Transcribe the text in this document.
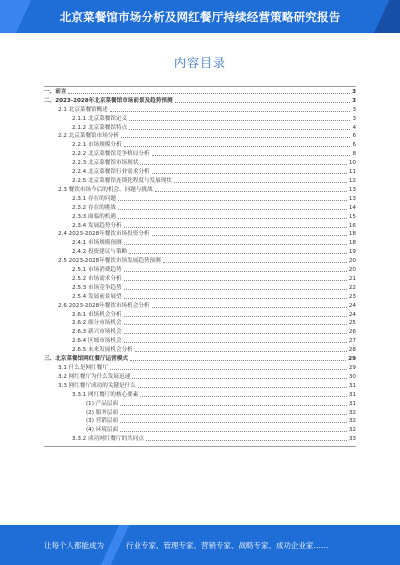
北京菜餐馆市场分析及网红餐厅持续经营策略研究报告
内容目录
一、前言	3
二、2023-2028年北京菜餐馆市场前景及趋势预测	3
2.1 北京菜餐馆概述	3
2.1.1 北京菜餐馆定义	3
2.1.2 北京菜餐馆特点	4
2.2 北京菜餐馆市场分析	6
2.2.1 市场规模分析	6
2.2.2 北京菜餐馆竞争格局分析	8
2.2.3 北京菜餐馆市场现状	10
2.2.4 北京菜餐馆行业需求分析	11
2.2.5 北京菜餐馆连锁化程度与发展现状	12
2.3 餐饮市场今后的机会、问题与挑战	13
2.3.1 存在的问题	13
2.3.2 存在的挑战	14
2.3.3 面临的机遇	15
2.3.4 发展趋势分析	16
2.4 2023-2028年餐饮市场投资分析	18
2.4.1 市场规模预测	18
2.4.2 投资建议与策略	19
2.5 2023-2028年餐饮市场发展趋势预测	20
2.5.1 市场消费趋势	20
2.5.2 市场需求分析	21
2.5.3 市场竞争趋势	22
2.5.4 发展前景展望	23
2.6 2023-2028年餐饮市场机会分析	24
2.6.1 市场机会分析	24
2.6.2 细分市场机会	25
2.6.3 新兴市场机会	26
2.6.4 区域市场机会	27
2.6.5 未来发展机会分析	28
三、北京菜餐馆网红餐厅运营模式	29
3.1 什么是网红餐厅	29
3.2 网红餐厅为什么发展迅速	30
3.3 网红餐厅成功的关键是什么	31
3.3.1 网红餐厅的核心要素	31
(1) 产品层面	31
(2) 服务层面	32
(3) 营销层面	32
(4) 环境层面	32
3.3.2 成功网红餐厅的共同点	33
让每个人都能成为	行业专家、管理专家、营销专家、战略专家、成功企业家……
